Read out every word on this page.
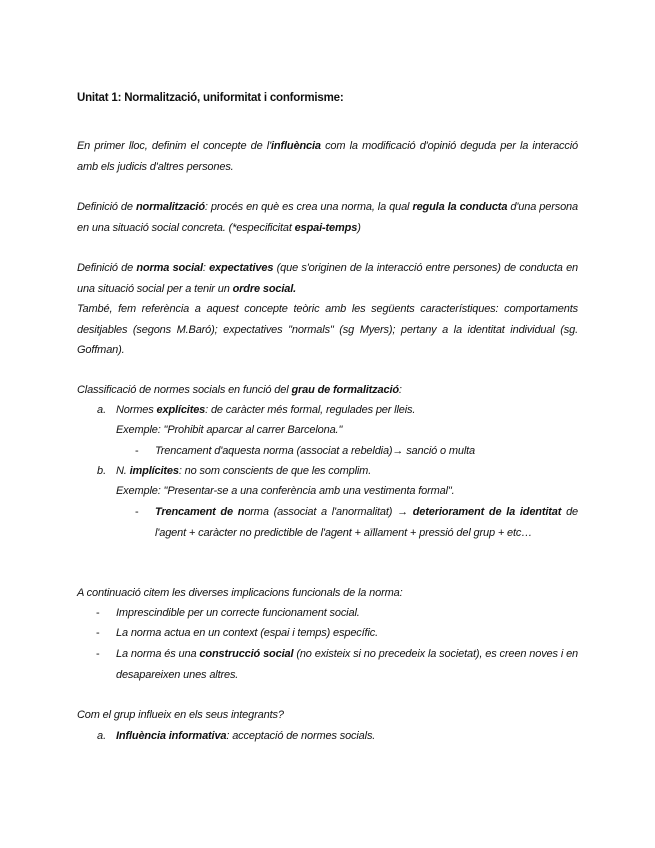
Unitat 1: Normalització, uniformitat i conformisme:
En primer lloc, definim el concepte de l'influència com la modificació d'opinió deguda per la interacció amb els judicis d'altres persones.
Definició de normalització: procés en què es crea una norma, la qual regula la conducta d'una persona en una situació social concreta. (*especificitat espai-temps)
Definició de norma social: expectatives (que s'originen de la interacció entre persones) de conducta en una situació social per a tenir un ordre social.
També, fem referència a aquest concepte teòric amb les següents característiques: comportaments desitjables (segons M.Baró); expectatives "normals" (sg Myers); pertany a la identitat individual (sg. Goffman).
Classificació de normes socials en funció del grau de formalització:
a. Normes explícites: de caràcter més formal, regulades per lleis.
Exemple: "Prohibit aparcar al carrer Barcelona."
- Trencament d'aquesta norma (associat a rebeldia)→ sanció o multa
b. N. implícites: no som conscients de que les complim.
Exemple: "Presentar-se a una conferència amb una vestimenta formal".
- Trencament de norma (associat a l'anormalitat) → deteriorament de la identitat de l'agent + caràcter no predictible de l'agent + aïllament + pressió del grup + etc…
A continuació citem les diverses implicacions funcionals de la norma:
- Imprescindible per un correcte funcionament social.
- La norma actua en un context (espai i temps) específic.
- La norma és una construcció social (no existeix si no precedeix la societat), es creen noves i en desapareixen unes altres.
Com el grup influeix en els seus integrants?
a. Influència informativa: acceptació de normes socials.
